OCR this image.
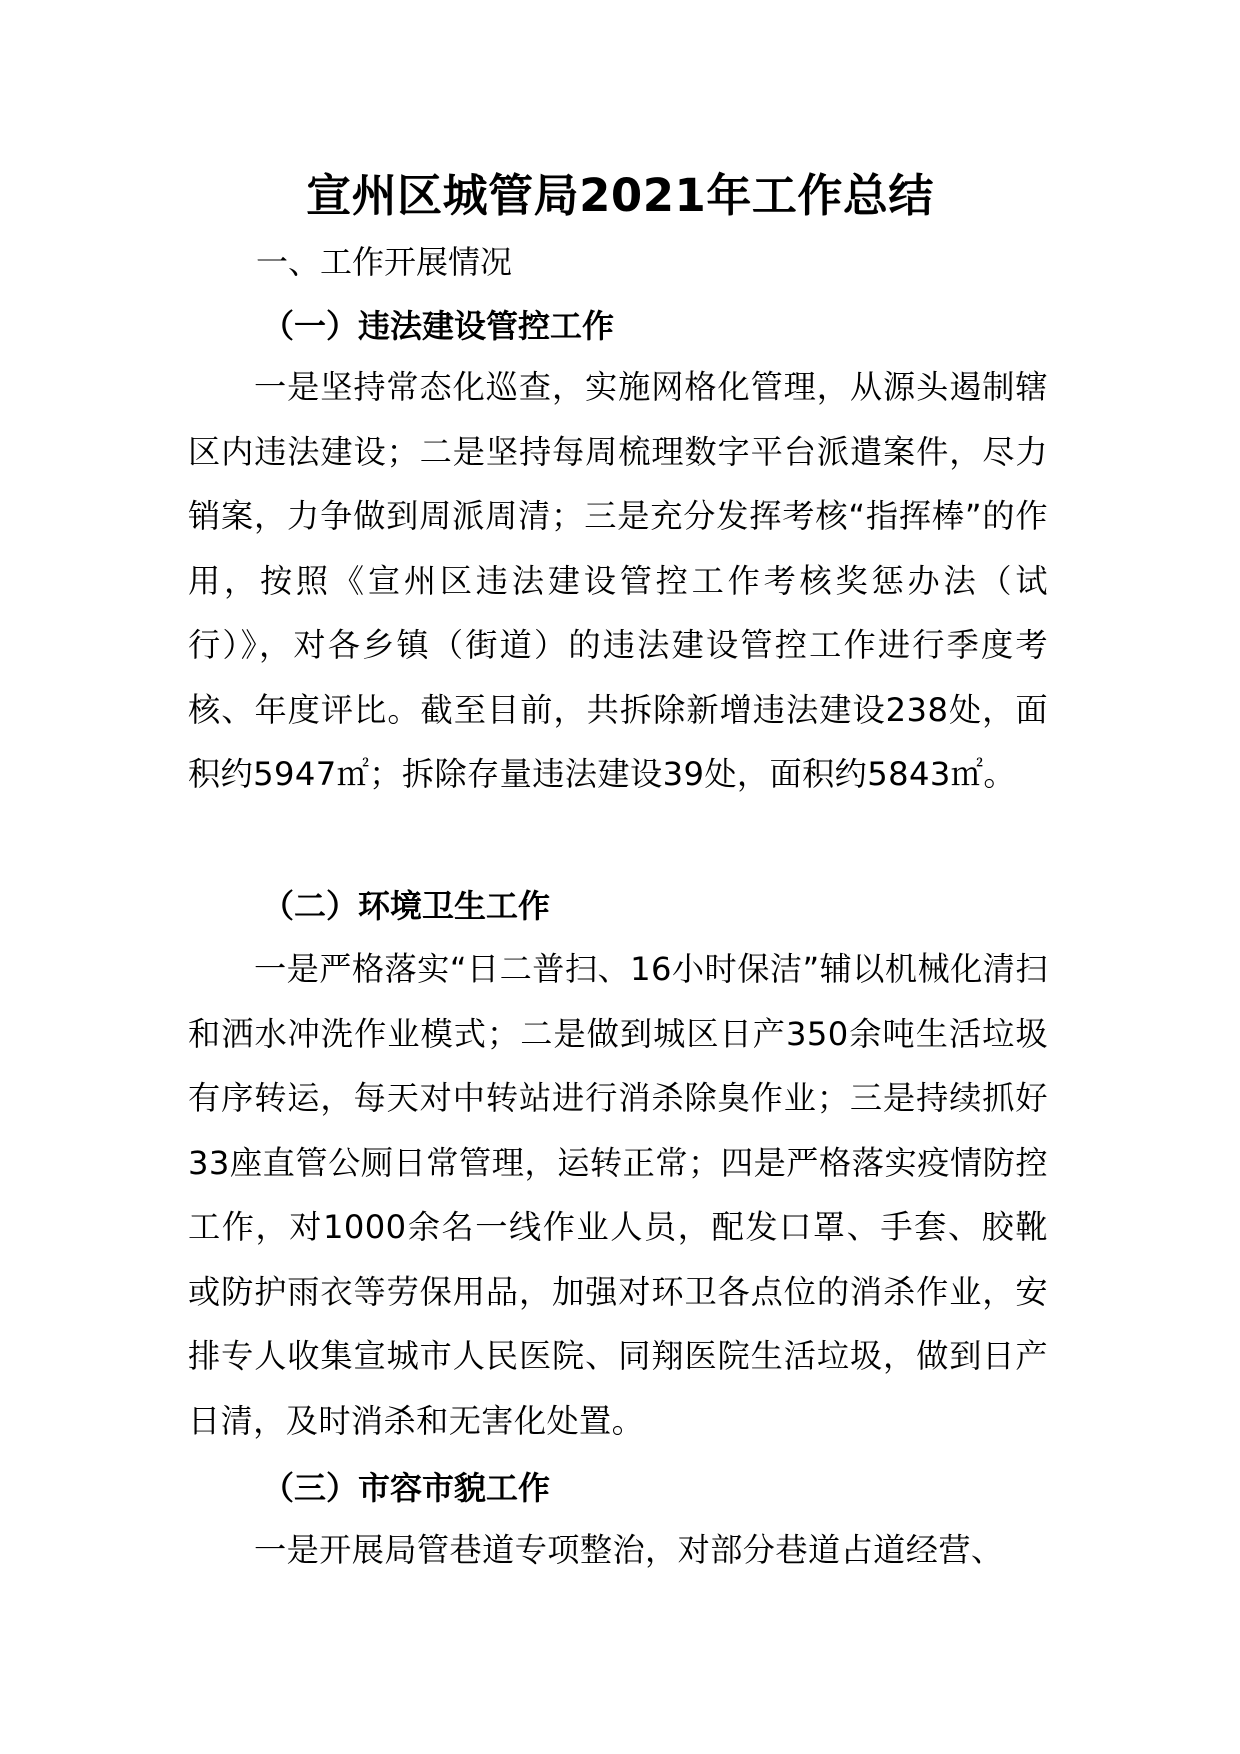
宣州区城管局2021年工作总结

一、工作开展情况

（一）违法建设管控工作

一是坚持常态化巡查，实施网格化管理，从源头遏制辖区内违法建设；二是坚持每周梳理数字平台派遣案件，尽力销案，力争做到周派周清；三是充分发挥考核“指挥棒”的作用，按照《宣州区违法建设管控工作考核奖惩办法（试行）》，对各乡镇（街道）的违法建设管控工作进行季度考核、年度评比。截至目前，共拆除新增违法建设238处，面积约5947㎡；拆除存量违法建设39处，面积约5843㎡。

（二）环境卫生工作

一是严格落实“日二普扫、16小时保洁”辅以机械化清扫和洒水冲洗作业模式；二是做到城区日产350余吨生活垃圾有序转运，每天对中转站进行消杀除臭作业；三是持续抓好33座直管公厕日常管理，运转正常；四是严格落实疫情防控工作，对1000余名一线作业人员，配发口罩、手套、胶靴或防护雨衣等劳保用品，加强对环卫各点位的消杀作业，安排专人收集宣城市人民医院、同翔医院生活垃圾，做到日产日清，及时消杀和无害化处置。

（三）市容市貌工作

一是开展局管巷道专项整治，对部分巷道占道经营、
